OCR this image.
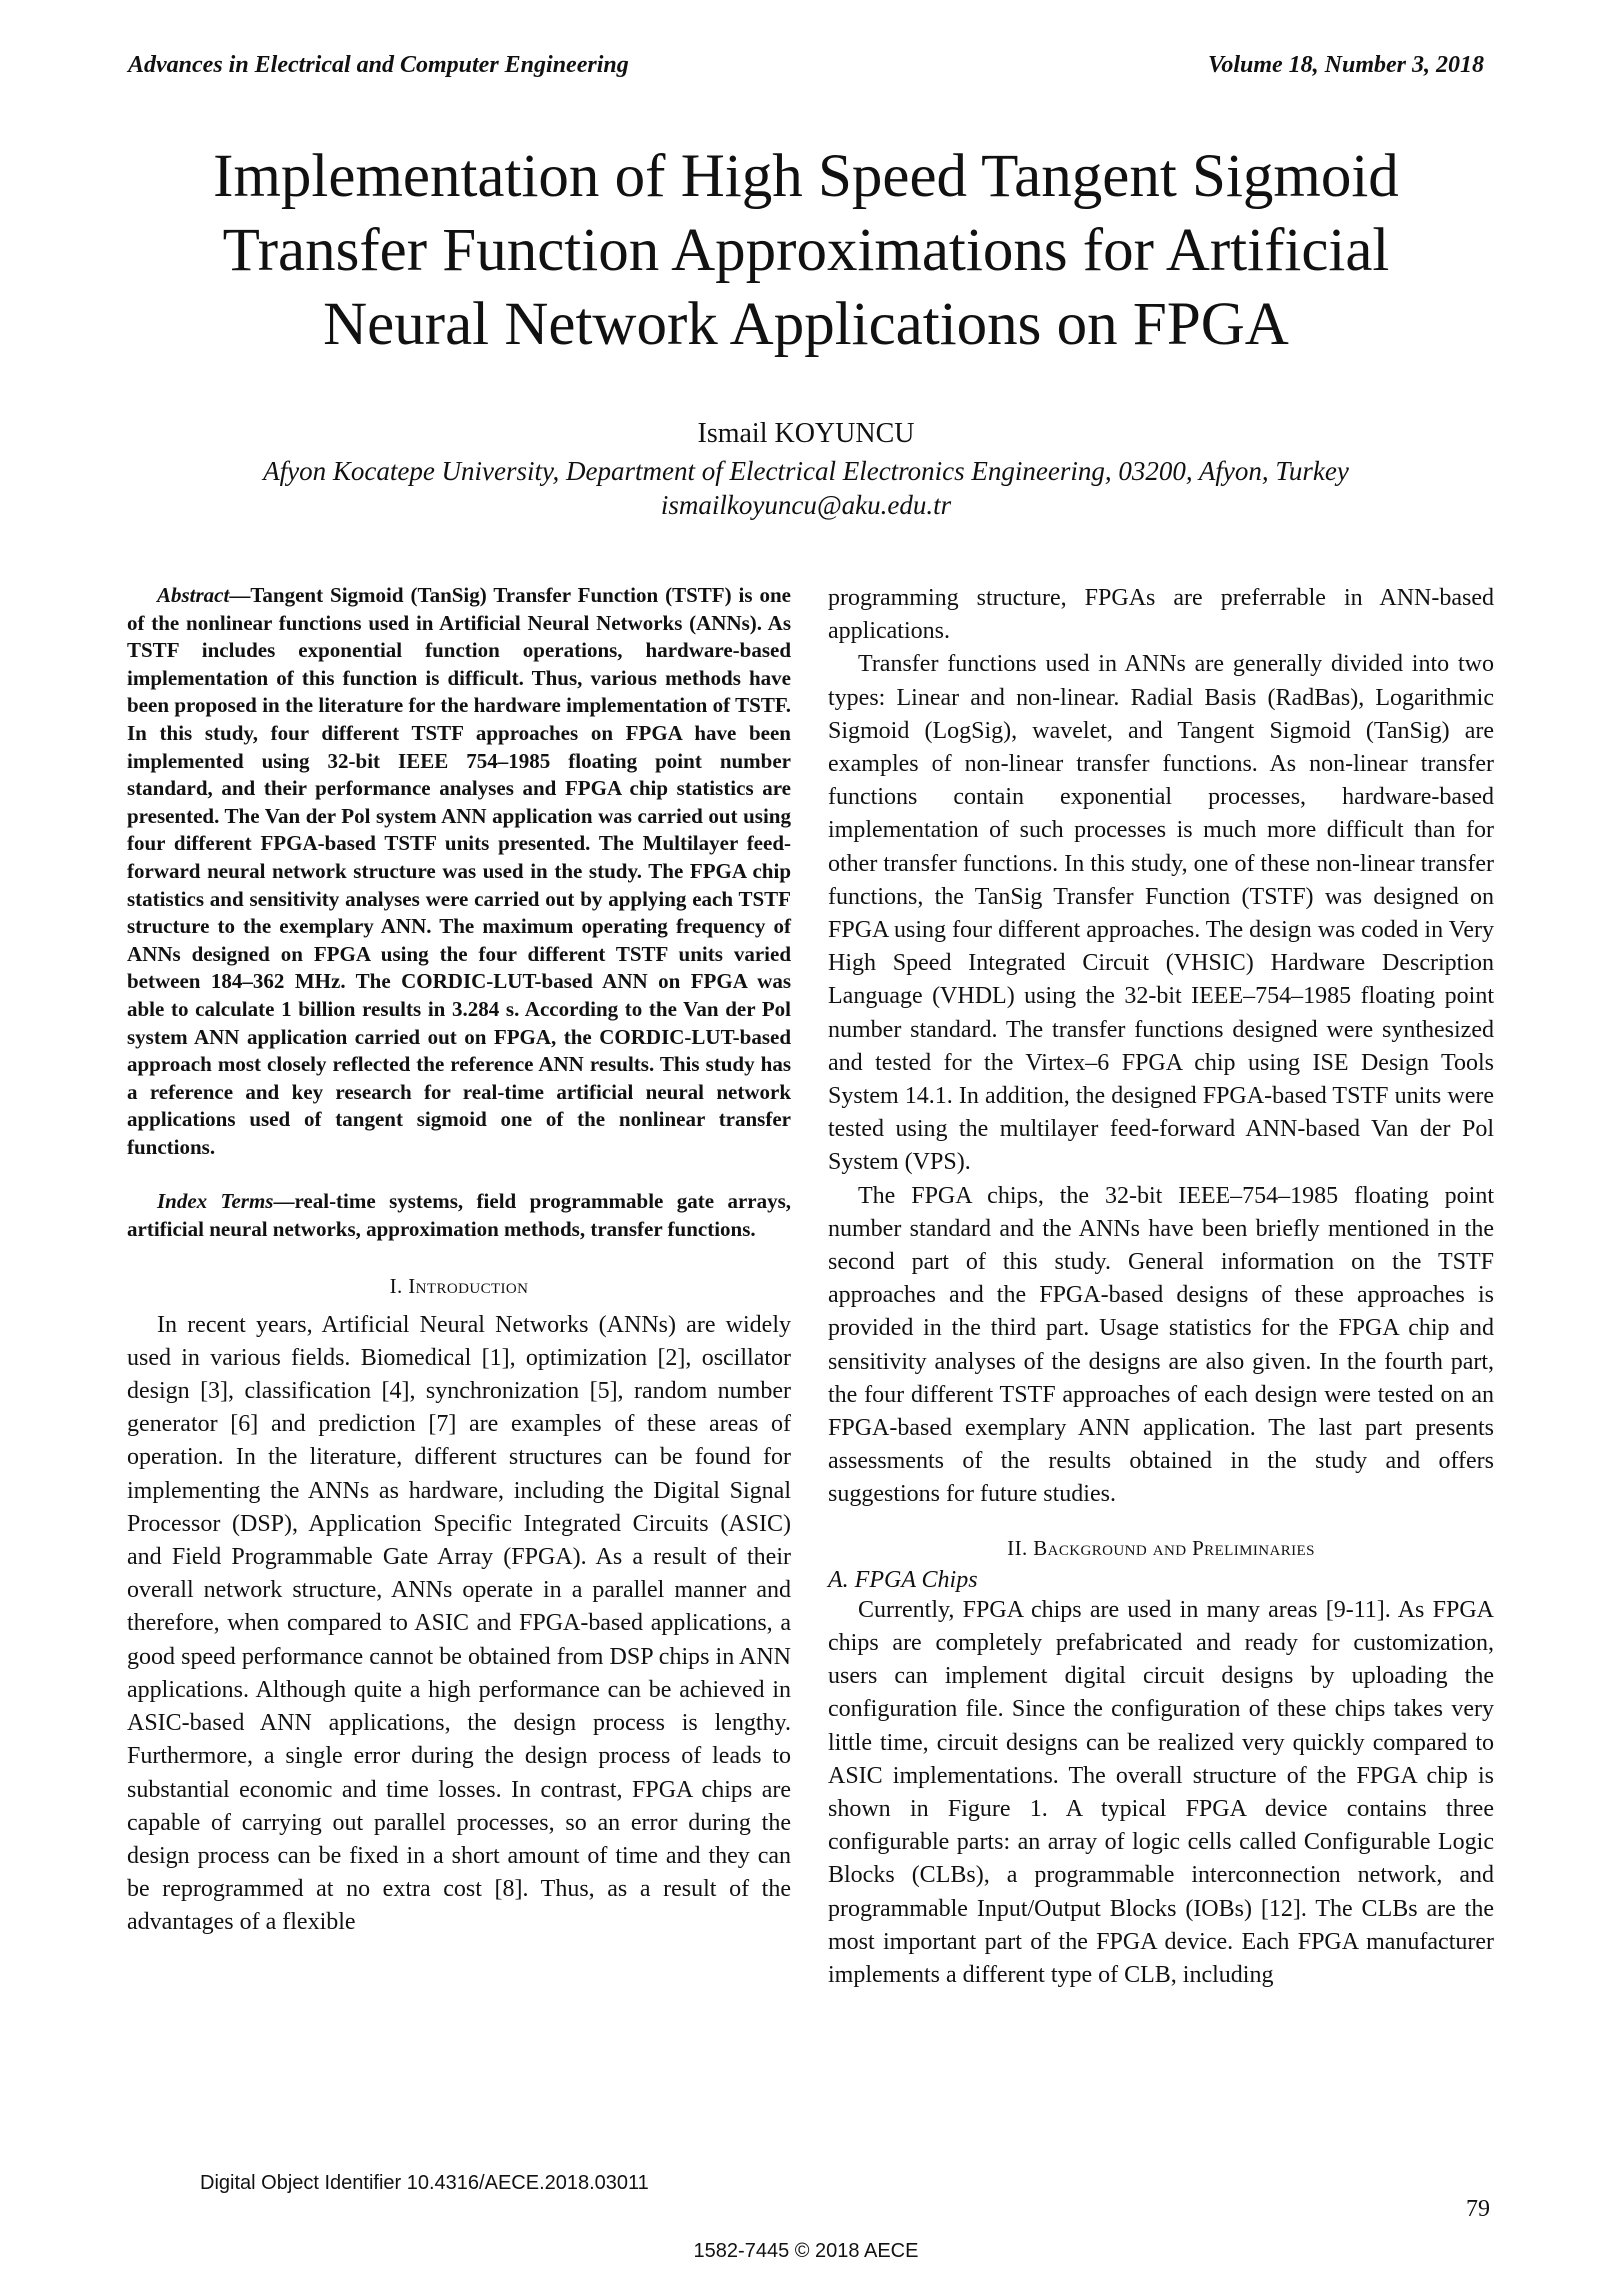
Advances in Electrical and Computer Engineering	Volume 18, Number 3, 2018
Implementation of High Speed Tangent Sigmoid
Transfer Function Approximations for Artificial
Neural Network Applications on FPGA
Ismail KOYUNCU
Afyon Kocatepe University, Department of Electrical Electronics Engineering, 03200, Afyon, Turkey
ismailkoyuncu@aku.edu.tr

Abstract—Tangent Sigmoid (TanSig) Transfer Function (TSTF) is one of the nonlinear functions used in Artificial Neural Networks (ANNs). As TSTF includes exponential function operations, hardware-based implementation of this function is difficult. Thus, various methods have been proposed in the literature for the hardware implementation of TSTF. In this study, four different TSTF approaches on FPGA have been implemented using 32-bit IEEE 754–1985 floating point number standard, and their performance analyses and FPGA chip statistics are presented. The Van der Pol system ANN application was carried out using four different FPGA-based TSTF units presented. The Multilayer feed-forward neural network structure was used in the study. The FPGA chip statistics and sensitivity analyses were carried out by applying each TSTF structure to the exemplary ANN. The maximum operating frequency of ANNs designed on FPGA using the four different TSTF units varied between 184–362 MHz. The CORDIC-LUT-based ANN on FPGA was able to calculate 1 billion results in 3.284 s. According to the Van der Pol system ANN application carried out on FPGA, the CORDIC-LUT-based approach most closely reflected the reference ANN results. This study has a reference and key research for real-time artificial neural network applications used of tangent sigmoid one of the nonlinear transfer functions.

Index Terms—real-time systems, field programmable gate arrays, artificial neural networks, approximation methods, transfer functions.

I. Introduction

In recent years, Artificial Neural Networks (ANNs) are widely used in various fields. Biomedical [1], optimization [2], oscillator design [3], classification [4], synchronization [5], random number generator [6] and prediction [7] are examples of these areas of operation. In the literature, different structures can be found for implementing the ANNs as hardware, including the Digital Signal Processor (DSP), Application Specific Integrated Circuits (ASIC) and Field Programmable Gate Array (FPGA). As a result of their overall network structure, ANNs operate in a parallel manner and therefore, when compared to ASIC and FPGA-based applications, a good speed performance cannot be obtained from DSP chips in ANN applications. Although quite a high performance can be achieved in ASIC-based ANN applications, the design process is lengthy. Furthermore, a single error during the design process of leads to substantial economic and time losses. In contrast, FPGA chips are capable of carrying out parallel processes, so an error during the design process can be fixed in a short amount of time and they can be reprogrammed at no extra cost [8]. Thus, as a result of the advantages of a flexible

programming structure, FPGAs are preferrable in ANN-based applications.

Transfer functions used in ANNs are generally divided into two types: Linear and non-linear. Radial Basis (RadBas), Logarithmic Sigmoid (LogSig), wavelet, and Tangent Sigmoid (TanSig) are examples of non-linear transfer functions. As non-linear transfer functions contain exponential processes, hardware-based implementation of such processes is much more difficult than for other transfer functions. In this study, one of these non-linear transfer functions, the TanSig Transfer Function (TSTF) was designed on FPGA using four different approaches. The design was coded in Very High Speed Integrated Circuit (VHSIC) Hardware Description Language (VHDL) using the 32-bit IEEE–754–1985 floating point number standard. The transfer functions designed were synthesized and tested for the Virtex–6 FPGA chip using ISE Design Tools System 14.1. In addition, the designed FPGA-based TSTF units were tested using the multilayer feed-forward ANN-based Van der Pol System (VPS).

The FPGA chips, the 32-bit IEEE–754–1985 floating point number standard and the ANNs have been briefly mentioned in the second part of this study. General information on the TSTF approaches and the FPGA-based designs of these approaches is provided in the third part. Usage statistics for the FPGA chip and sensitivity analyses of the designs are also given. In the fourth part, the four different TSTF approaches of each design were tested on an FPGA-based exemplary ANN application. The last part presents assessments of the results obtained in the study and offers suggestions for future studies.

II. Background and Preliminaries

A. FPGA Chips

Currently, FPGA chips are used in many areas [9-11]. As FPGA chips are completely prefabricated and ready for customization, users can implement digital circuit designs by uploading the configuration file. Since the configuration of these chips takes very little time, circuit designs can be realized very quickly compared to ASIC implementations. The overall structure of the FPGA chip is shown in Figure 1. A typical FPGA device contains three configurable parts: an array of logic cells called Configurable Logic Blocks (CLBs), a programmable interconnection network, and programmable Input/Output Blocks (IOBs) [12]. The CLBs are the most important part of the FPGA device. Each FPGA manufacturer implements a different type of CLB, including

Digital Object Identifier 10.4316/AECE.2018.03011
79
1582-7445 © 2018 AECE
